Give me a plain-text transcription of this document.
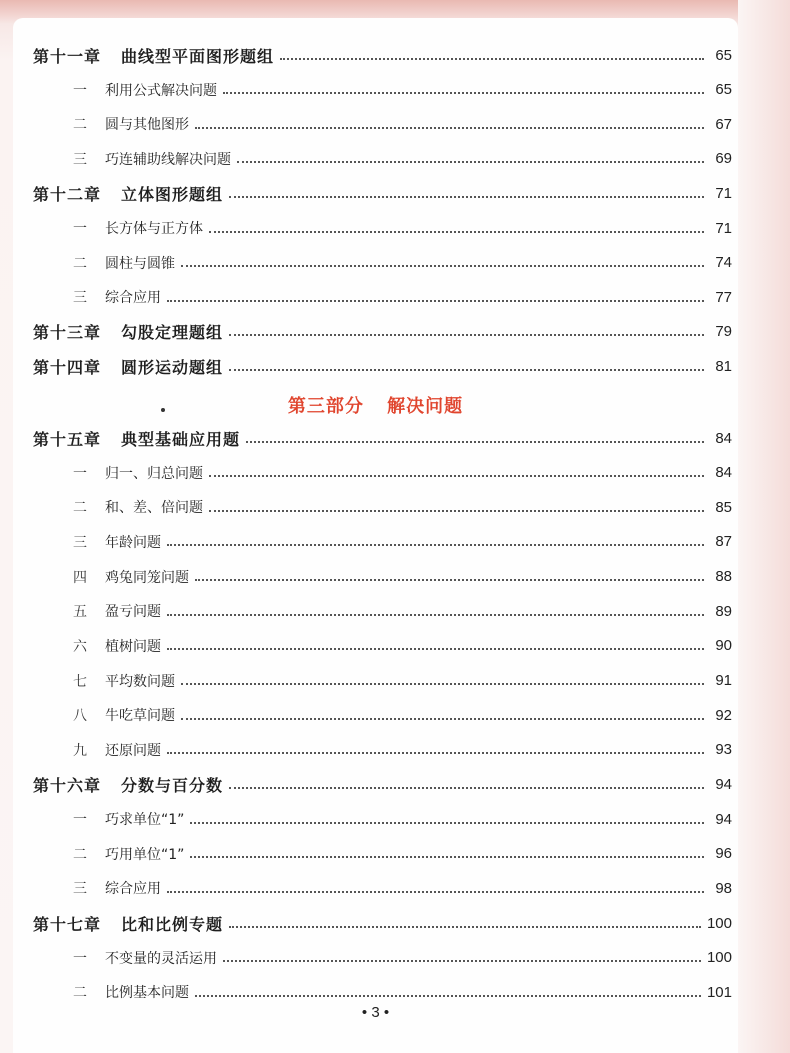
第三部分 解决问题
• 3 •
第十一章 曲线型平面图形题组	65
一	利用公式解决问题	65
二	圆与其他图形	67
三	巧连辅助线解决问题	69
第十二章 立体图形题组	71
一	长方体与正方体	71
二	圆柱与圆锥	74
三	综合应用	77
第十三章 勾股定理题组	79
第十四章 圆形运动题组	81
第十五章 典型基础应用题	84
一	归一、归总问题	84
二	和、差、倍问题	85
三	年龄问题	87
四	鸡兔同笼问题	88
五	盈亏问题	89
六	植树问题	90
七	平均数问题	91
八	牛吃草问题	92
九	还原问题	93
第十六章 分数与百分数	94
一	巧求单位“1”	94
二	巧用单位“1”	96
三	综合应用	98
第十七章 比和比例专题	100
一	不变量的灵活运用	100
二	比例基本问题	101
